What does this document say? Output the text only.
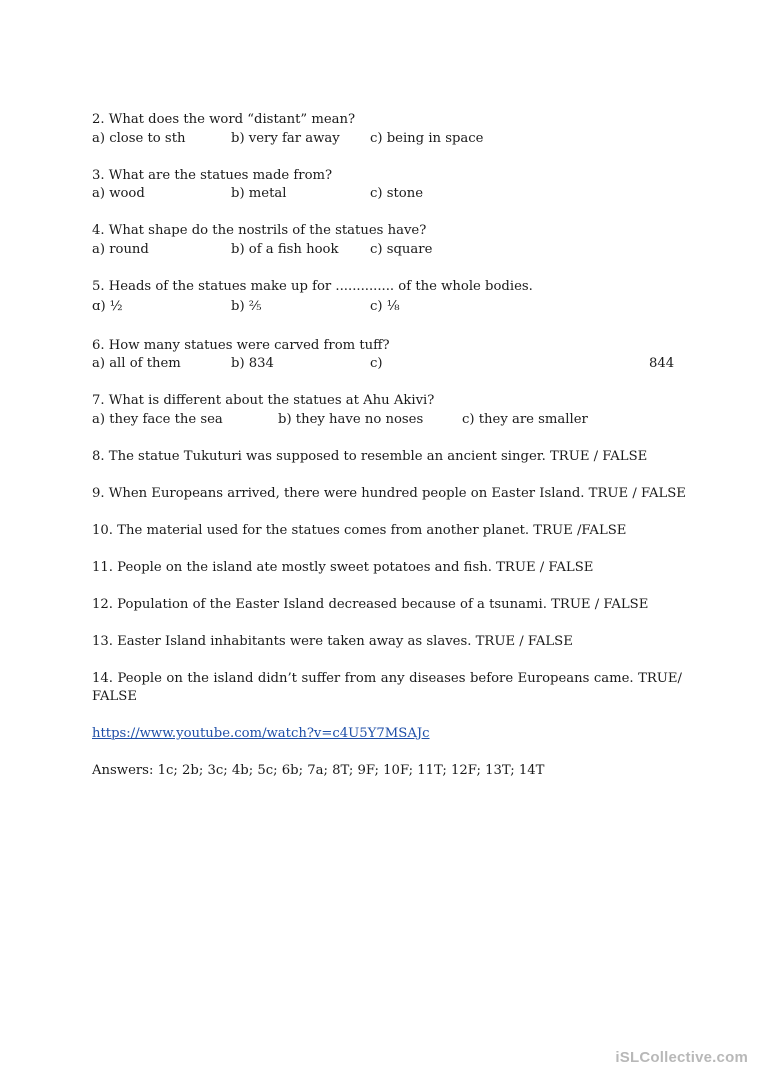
2. What does the word “distant” mean?
a) close to sth	b) very far away c) being in space
3. What are the statues made from?
a) wood	b) metal	c) stone
4. What shape do the nostrils of the statues have?
a) round	b) of a fish hook c) square
5. Heads of the statues make up for .............. of the whole bodies.
ɑ) ½	b) ⅖	c) ⅛
6. How many statues were carved from tuff?
a) all of them	b) 834	c)	844
7. What is different about the statues at Ahu Akivi?
a) they face the sea	b) they have no noses	c) they are smaller
8. The statue Tukuturi was supposed to resemble an ancient singer. TRUE / FALSE
9. When Europeans arrived, there were hundred people on Easter Island. TRUE / FALSE
10. The material used for the statues comes from another planet. TRUE /FALSE
11. People on the island ate mostly sweet potatoes and fish. TRUE / FALSE
12. Population of the Easter Island decreased because of a tsunami. TRUE / FALSE
13. Easter Island inhabitants were taken away as slaves. TRUE / FALSE
14. People on the island didn’t suffer from any diseases before Europeans came. TRUE/ FALSE
https://www.youtube.com/watch?v=c4U5Y7MSAJc
Answers: 1c; 2b; 3c; 4b; 5c; 6b; 7a; 8T; 9F; 10F; 11T; 12F; 13T; 14T
iSLCollective.com
